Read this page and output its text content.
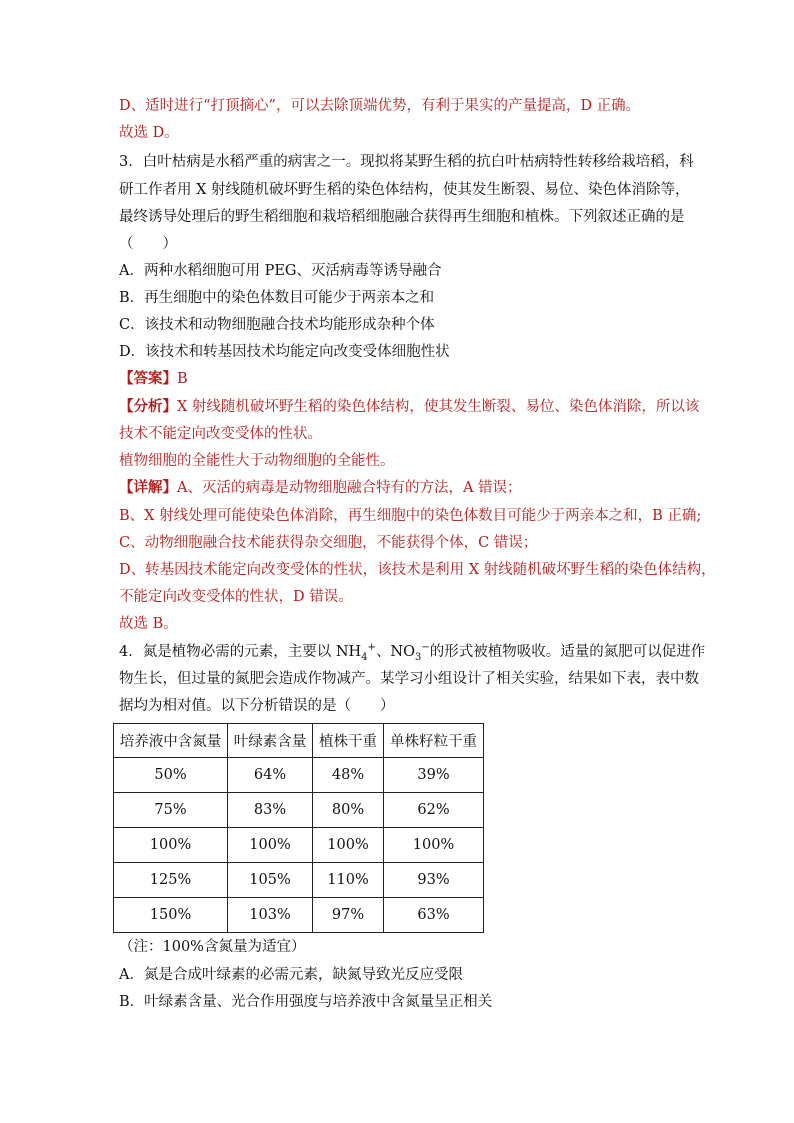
D、适时进行“打顶摘心”，可以去除顶端优势，有利于果实的产量提高，D 正确。
故选 D。
3．白叶枯病是水稻严重的病害之一。现拟将某野生稻的抗白叶枯病特性转移给栽培稻，科
研工作者用 X 射线随机破坏野生稻的染色体结构，使其发生断裂、易位、染色体消除等，
最终诱导处理后的野生稻细胞和栽培稻细胞融合获得再生细胞和植株。下列叙述正确的是
（　　）
A．两种水稻细胞可用 PEG、灭活病毒等诱导融合
B．再生细胞中的染色体数目可能少于两亲本之和
C．该技术和动物细胞融合技术均能形成杂种个体
D．该技术和转基因技术均能定向改变受体细胞性状
【答案】B
【分析】X 射线随机破坏野生稻的染色体结构，使其发生断裂、易位、染色体消除，所以该
技术不能定向改变受体的性状。
植物细胞的全能性大于动物细胞的全能性。
【详解】A、灭活的病毒是动物细胞融合特有的方法，A 错误；
B、X 射线处理可能使染色体消除，再生细胞中的染色体数目可能少于两亲本之和，B 正确;
C、动物细胞融合技术能获得杂交细胞，不能获得个体，C 错误；
D、转基因技术能定向改变受体的性状，该技术是利用 X 射线随机破坏野生稻的染色体结构，
不能定向改变受体的性状，D 错误。
故选 B。
4．氮是植物必需的元素，主要以 $NH_4^+$、$NO_3^-$的形式被植物吸收。适量的氮肥可以促进作
物生长，但过量的氮肥会造成作物减产。某学习小组设计了相关实验，结果如下表，表中数
据均为相对值。以下分析错误的是（　　）
培养液中含氮量	叶绿素含量	植株干重	单株籽粒干重
50%	64%	48%	39%
75%	83%	80%	62%
100%	100%	100%	100%
125%	105%	110%	93%
150%	103%	97%	63%
（注：100%含氮量为适宜）
A．氮是合成叶绿素的必需元素，缺氮导致光反应受限
B．叶绿素含量、光合作用强度与培养液中含氮量呈正相关
